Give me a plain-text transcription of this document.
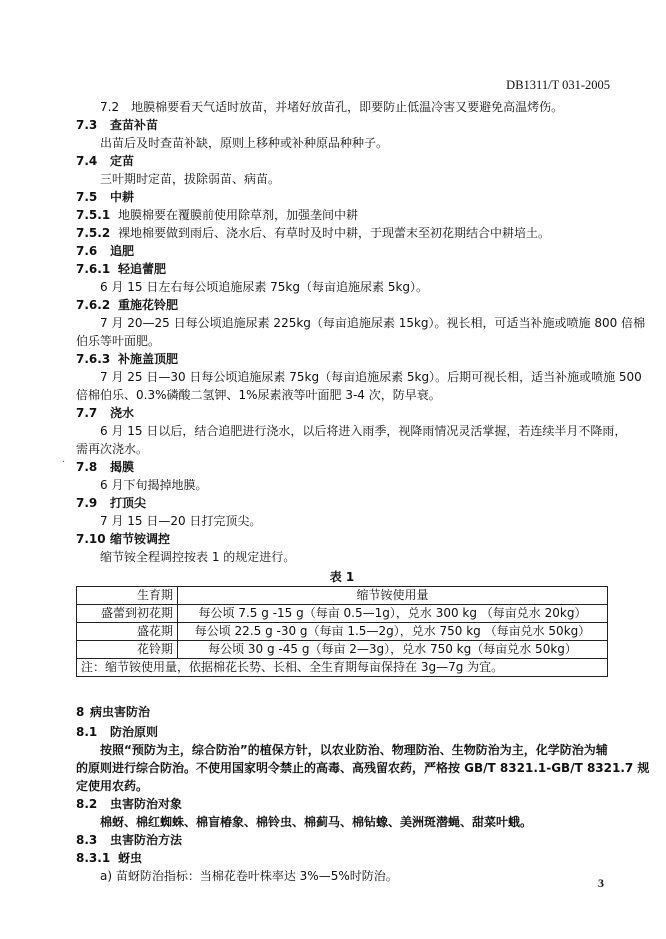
DB1311/T 031-2005
7.2　地膜棉要看天气适时放苗，并堵好放苗孔，即要防止低温冷害又要避免高温烤伤。
7.3 查苗补苗
出苗后及时查苗补缺，原则上移种或补种原品种种子。
7.4 定苗
三叶期时定苗，拔除弱苗、病苗。
7.5 中耕
7.5.1 地膜棉要在覆膜前使用除草剂，加强垄间中耕
7.5.2 裸地棉要做到雨后、浇水后、有草时及时中耕，于现蕾末至初花期结合中耕培土。
7.6 追肥
7.6.1 轻追蕾肥
6 月 15 日左右每公顷追施尿素 75kg（每亩追施尿素 5kg）。
7.6.2 重施花铃肥
7 月 20—25 日每公顷追施尿素 225kg（每亩追施尿素 15kg）。视长相，可适当补施或喷施 800 倍棉
伯乐等叶面肥。
7.6.3 补施盖顶肥
7 月 25 日—30 日每公顷追施尿素 75kg（每亩追施尿素 5kg）。后期可视长相，适当补施或喷施 500
倍棉伯乐、0.3%磷酸二氢钾、1%尿素液等叶面肥 3-4 次，防早衰。
7.7 浇水
6 月 15 日以后，结合追肥进行浇水，以后将进入雨季，视降雨情况灵活掌握，若连续半月不降雨，
需再次浇水。
7.8 揭膜
6 月下旬揭掉地膜。
7.9 打顶尖
7 月 15 日—20 日打完顶尖。
7.10 缩节铵调控
缩节铵全程调控按表 1 的规定进行。
表 1
生育期	缩节铵使用量
盛蕾到初花期	每公顷 7.5 g -15 g（每亩 0.5—1g），兑水 300 kg （每亩兑水 20kg）
盛花期	每公顷 22.5 g -30 g（每亩 1.5—2g），兑水 750 kg （每亩兑水 50kg）
花铃期	每公顷 30 g -45 g（每亩 2—3g），兑水 750 kg（每亩兑水 50kg）
注：缩节铵使用量，依据棉花长势、长相、全生育期每亩保持在 3g—7g 为宜。	
8 病虫害防治
8.1 防治原则
按照“预防为主，综合防治”的植保方针，以农业防治、物理防治、生物防治为主，化学防治为辅
的原则进行综合防治。不使用国家明令禁止的高毒、高残留农药，严格按 GB/T 8321.1-GB/T 8321.7 规
定使用农药。
8.2 虫害防治对象
棉蚜、棉红蜘蛛、棉盲椿象、棉铃虫、棉蓟马、棉钻蟓、美洲斑潜蝇、甜菜叶蛾。
8.3 虫害防治方法
8.3.1 蚜虫
a) 苗蚜防治指标：当棉花卷叶株率达 3%—5%时防治。
.
3
